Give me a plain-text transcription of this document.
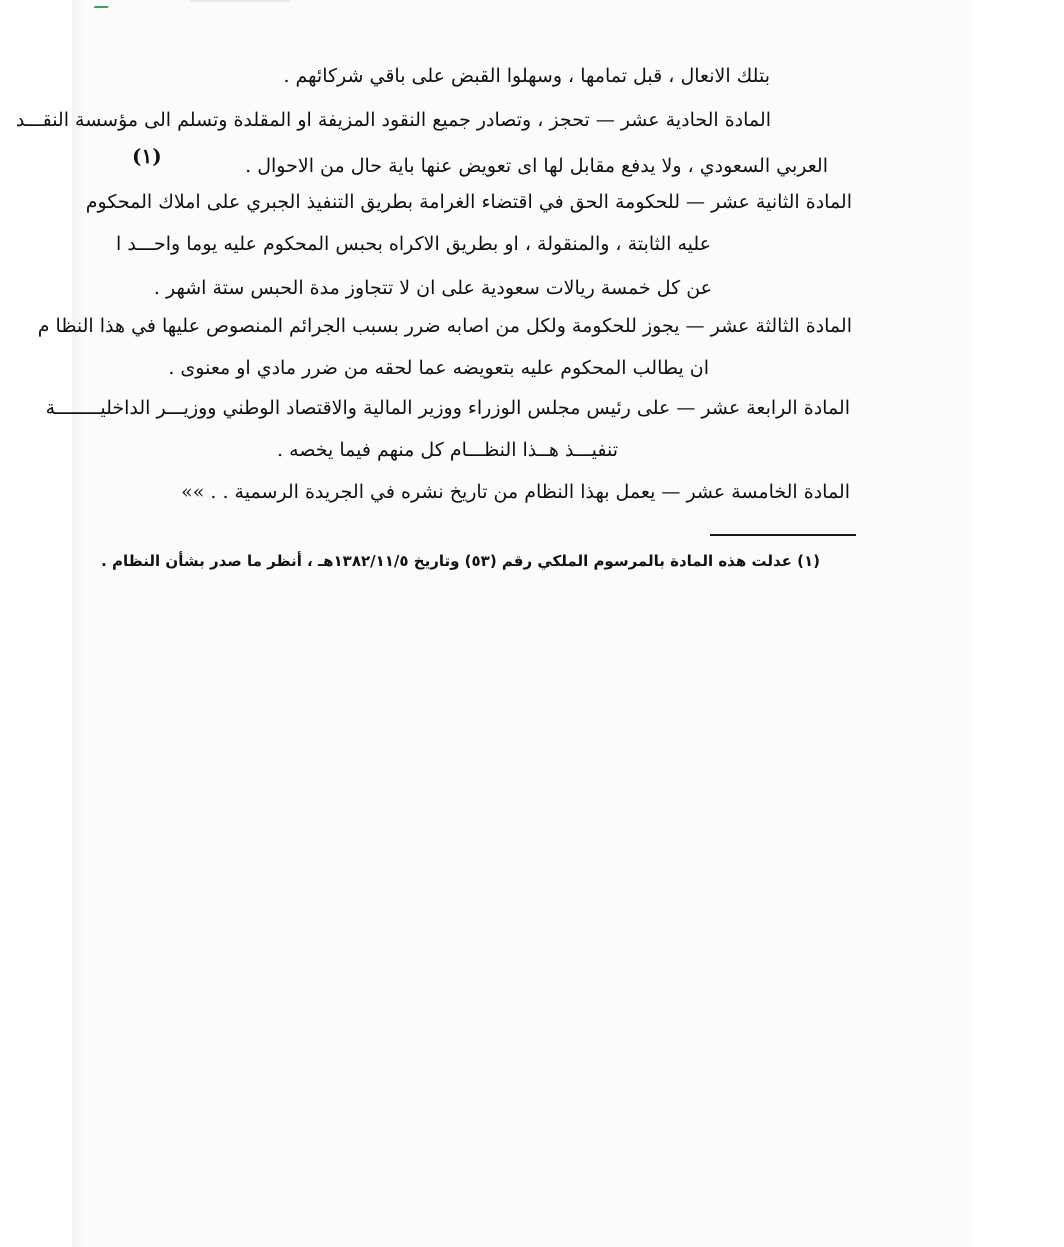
بتلك الانعال ، قبل تمامها ، وسهلوا القبض على باقي شركائهم .
المادة الحادية عشر — تحجز ، وتصادر جميع النقود المزيفة او المقلدة وتسلم الى مؤسسة النقـــد
العربي السعودي ، ولا يدفع مقابل لها اى تعويض عنها باية حال من الاحوال .
(١)
المادة الثانية عشر — للحكومة الحق في اقتضاء الغرامة بطريق التنفيذ الجبري على املاك المحكوم
عليه الثابتة ، والمنقولة ، او بطريق الاكراه بحبس المحكوم عليه يوما واحـــد ا
عن كل خمسة ريالات سعودية على ان لا تتجاوز مدة الحبس ستة اشهر .
المادة الثالثة عشر — يجوز للحكومة ولكل من اصابه ضرر بسبب الجرائم المنصوص عليها في هذا النظا م
ان يطالب المحكوم عليه بتعويضه عما لحقه من ضرر مادي او معنوى .
المادة الرابعة عشر — على رئيس مجلس الوزراء ووزير المالية والاقتصاد الوطني ووزيـــر الداخليــــــــة
تنفيـــذ هــذا النظـــام كل منهم فيما يخصه .
المادة الخامسة عشر — يعمل بهذا النظام من تاريخ نشره في الجريدة الرسمية . . »»
(١) عدلت هذه المادة بالمرسوم الملكي رقم (٥٣) وتاريخ ١٣٨٢/١١/٥هـ ، أنظر ما صدر بشأن النظام .
